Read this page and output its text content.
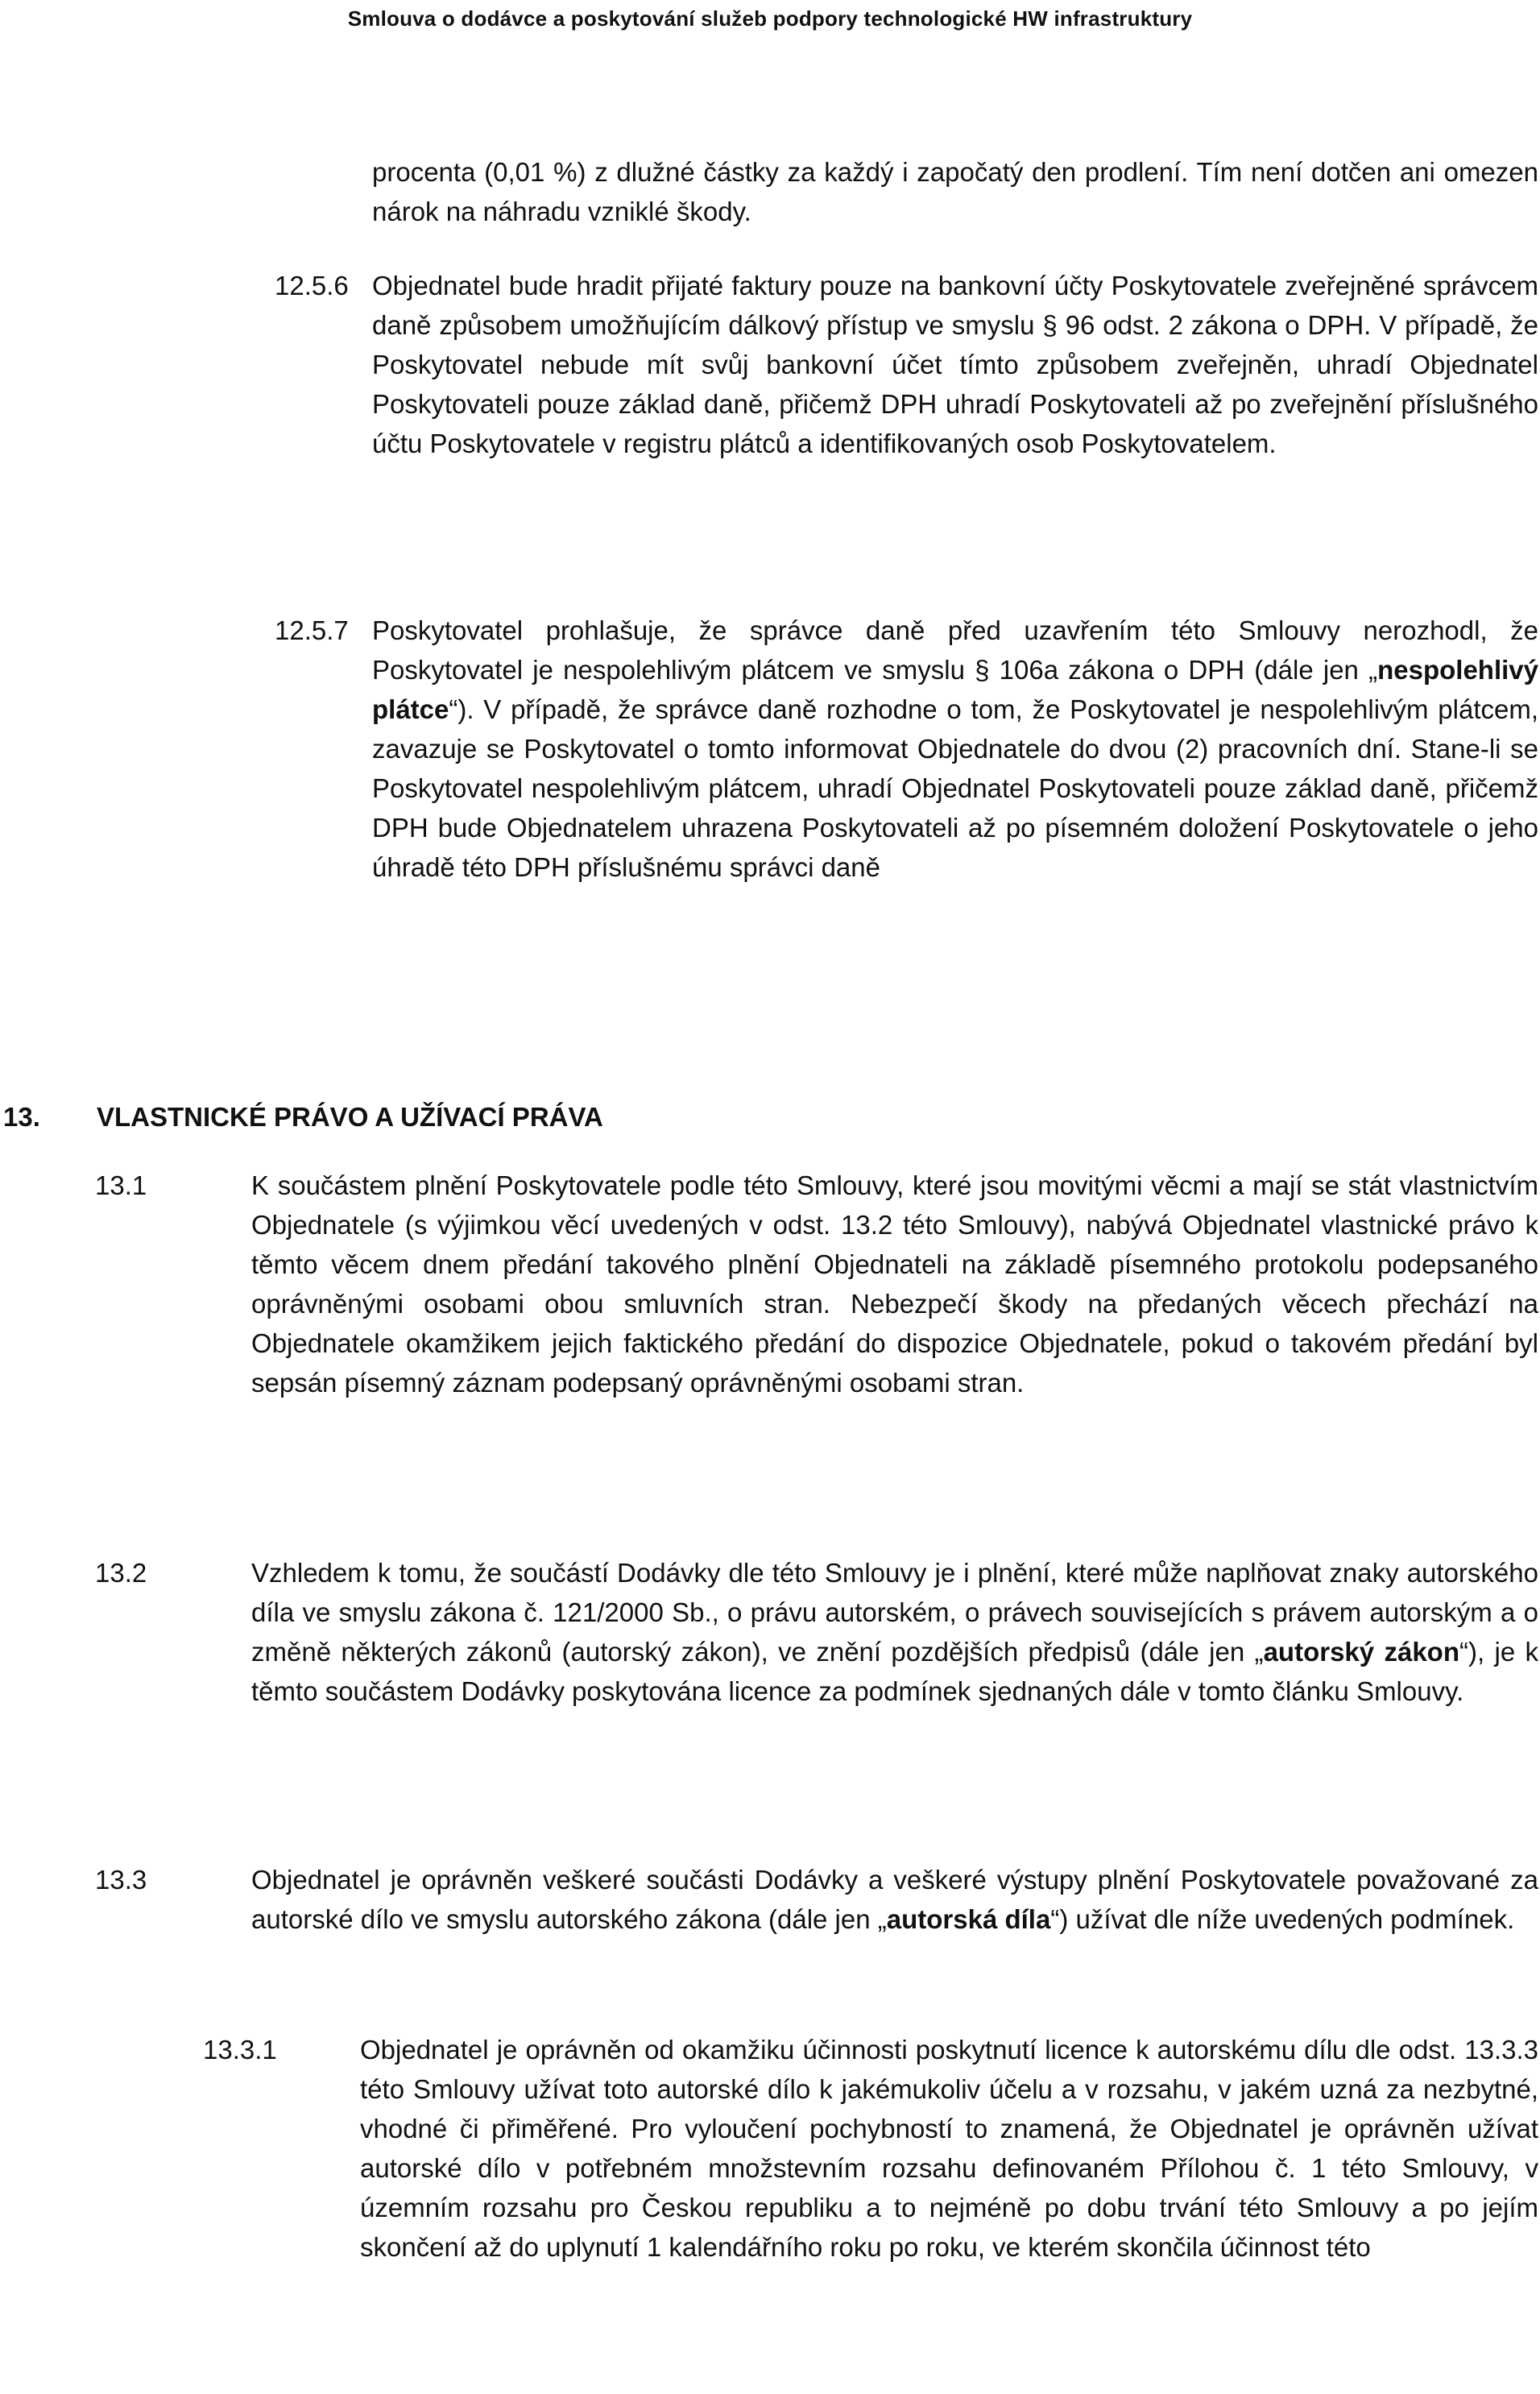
Smlouva o dodávce a poskytování služeb podpory technologické HW infrastruktury

procenta (0,01 %) z dlužné částky za každý i započatý den prodlení. Tím není dotčen ani omezen nárok na náhradu vzniklé škody.

12.5.6 Objednatel bude hradit přijaté faktury pouze na bankovní účty Poskytovatele zveřejněné správcem daně způsobem umožňujícím dálkový přístup ve smyslu § 96 odst. 2 zákona o DPH. V případě, že Poskytovatel nebude mít svůj bankovní účet tímto způsobem zveřejněn, uhradí Objednatel Poskytovateli pouze základ daně, přičemž DPH uhradí Poskytovateli až po zveřejnění příslušného účtu Poskytovatele v registru plátců a identifikovaných osob Poskytovatelem.

12.5.7 Poskytovatel prohlašuje, že správce daně před uzavřením této Smlouvy nerozhodl, že Poskytovatel je nespolehlivým plátcem ve smyslu § 106a zákona o DPH (dále jen „nespolehlivý plátce“). V případě, že správce daně rozhodne o tom, že Poskytovatel je nespolehlivým plátcem, zavazuje se Poskytovatel o tomto informovat Objednatele do dvou (2) pracovních dní. Stane-li se Poskytovatel nespolehlivým plátcem, uhradí Objednatel Poskytovateli pouze základ daně, přičemž DPH bude Objednatelem uhrazena Poskytovateli až po písemném doložení Poskytovatele o jeho úhradě této DPH příslušnému správci daně

13. VLASTNICKÉ PRÁVO A UŽÍVACÍ PRÁVA

13.1	K součástem plnění Poskytovatele podle této Smlouvy, které jsou movitými věcmi a mají se stát vlastnictvím Objednatele (s výjimkou věcí uvedených v odst. 13.2 této Smlouvy), nabývá Objednatel vlastnické právo k těmto věcem dnem předání takového plnění Objednateli na základě písemného protokolu podepsaného oprávněnými osobami obou smluvních stran. Nebezpečí škody na předaných věcech přechází na Objednatele okamžikem jejich faktického předání do dispozice Objednatele, pokud o takovém předání byl sepsán písemný záznam podepsaný oprávněnými osobami stran.

13.2	Vzhledem k tomu, že součástí Dodávky dle této Smlouvy je i plnění, které může naplňovat znaky autorského díla ve smyslu zákona č. 121/2000 Sb., o právu autorském, o právech souvisejících s právem autorským a o změně některých zákonů (autorský zákon), ve znění pozdějších předpisů (dále jen „autorský zákon“), je k těmto součástem Dodávky poskytována licence za podmínek sjednaných dále v tomto článku Smlouvy.

13.3	Objednatel je oprávněn veškeré součásti Dodávky a veškeré výstupy plnění Poskytovatele považované za autorské dílo ve smyslu autorského zákona (dále jen „autorská díla“) užívat dle níže uvedených podmínek.

13.3.1	Objednatel je oprávněn od okamžiku účinnosti poskytnutí licence k autorskému dílu dle odst. 13.3.3 této Smlouvy užívat toto autorské dílo k jakémukoliv účelu a v rozsahu, v jakém uzná za nezbytné, vhodné či přiměřené. Pro vyloučení pochybností to znamená, že Objednatel je oprávněn užívat autorské dílo v potřebném množstevním rozsahu definovaném Přílohou č. 1 této Smlouvy, v územním rozsahu pro Českou republiku a to nejméně po dobu trvání této Smlouvy a po jejím skončení až do uplynutí 1 kalendářního roku po roku, ve kterém skončila účinnost této
